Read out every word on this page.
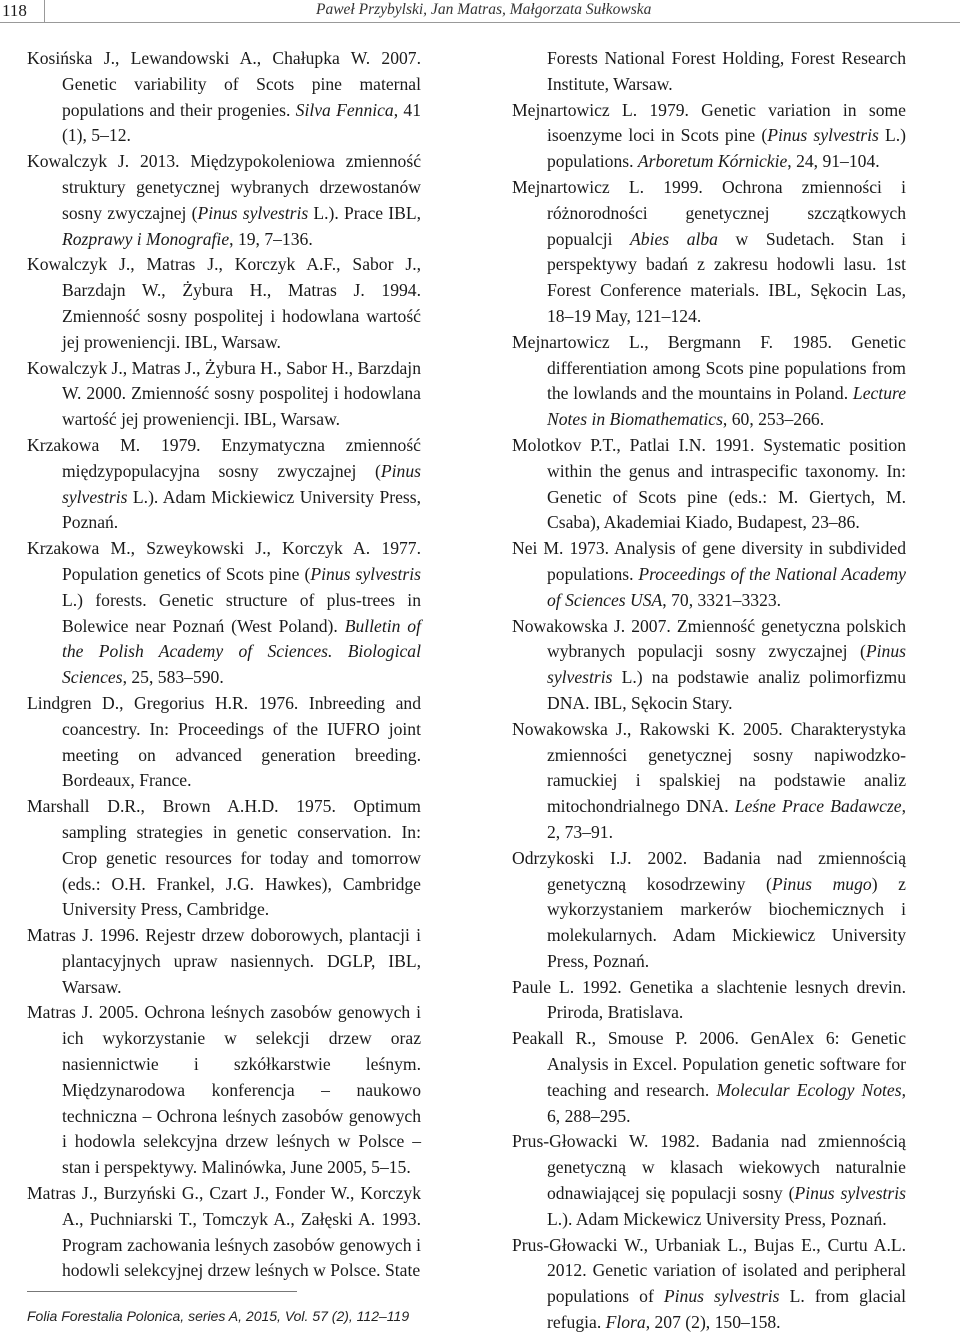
118	Paweł Przybylski, Jan Matras, Małgorzata Sułkowska

Kosińska J., Lewandowski A., Chałupka W. 2007. Genetic variability of Scots pine maternal populations and their progenies. Silva Fennica, 41 (1), 5–12.

Kowalczyk J. 2013. Międzypokoleniowa zmienność struktury genetycznej wybranych drzewostanów sosny zwyczajnej (Pinus sylvestris L.). Prace IBL, Rozprawy i Monografie, 19, 7–136.

Kowalczyk J., Matras J., Korczyk A.F., Sabor J., Barzdajn W., Żybura H., Matras J. 1994. Zmienność sosny pospolitej i hodowlana wartość jej proweniencji. IBL, Warsaw.

Kowalczyk J., Matras J., Żybura H., Sabor H., Barzdajn W. 2000. Zmienność sosny pospolitej i hodowlana wartość jej proweniencji. IBL, Warsaw.

Krzakowa M. 1979. Enzymatyczna zmienność międzypopulacyjna sosny zwyczajnej (Pinus sylvestris L.). Adam Mickiewicz University Press, Poznań.

Krzakowa M., Szweykowski J., Korczyk A. 1977. Population genetics of Scots pine (Pinus sylvestris L.) forests. Genetic structure of plus-trees in Bolewice near Poznań (West Poland). Bulletin of the Polish Academy of Sciences. Biological Sciences, 25, 583–590.

Lindgren D., Gregorius H.R. 1976. Inbreeding and coancestry. In: Proceedings of the IUFRO joint meeting on advanced generation breeding. Bordeaux, France.

Marshall D.R., Brown A.H.D. 1975. Optimum sampling strategies in genetic conservation. In: Crop genetic resources for today and tomorrow (eds.: O.H. Frankel, J.G. Hawkes), Cambridge University Press, Cambridge.

Matras J. 1996. Rejestr drzew doborowych, plantacji i plantacyjnych upraw nasiennych. DGLP, IBL, Warsaw.

Matras J. 2005. Ochrona leśnych zasobów genowych i ich wykorzystanie w selekcji drzew oraz nasiennictwie i szkółkarstwie leśnym. Międzynarodowa konferencja – naukowo techniczna – Ochrona leśnych zasobów genowych i hodowla selekcyjna drzew leśnych w Polsce – stan i perspektywy. Malinówka, June 2005, 5–15.

Matras J., Burzyński G., Czart J., Fonder W., Korczyk A., Puchniarski T., Tomczyk A., Załęski A. 1993. Program zachowania leśnych zasobów genowych i hodowli selekcyjnej drzew leśnych w Polsce. State

Forests National Forest Holding, Forest Research Institute, Warsaw.

Mejnartowicz L. 1979. Genetic variation in some isoenzyme loci in Scots pine (Pinus sylvestris L.) populations. Arboretum Kórnickie, 24, 91–104.

Mejnartowicz L. 1999. Ochrona zmienności i różnorodności genetycznej szczątkowych popualcji Abies alba w Sudetach. Stan i perspektywy badań z zakresu hodowli lasu. 1st Forest Conference materials. IBL, Sękocin Las, 18–19 May, 121–124.

Mejnartowicz L., Bergmann F. 1985. Genetic differentiation among Scots pine populations from the lowlands and the mountains in Poland. Lecture Notes in Biomathematics, 60, 253–266.

Molotkov P.T., Patlai I.N. 1991. Systematic position within the genus and intraspecific taxonomy. In: Genetic of Scots pine (eds.: M. Giertych, M. Csaba), Akademiai Kiado, Budapest, 23–86.

Nei M. 1973. Analysis of gene diversity in subdivided populations. Proceedings of the National Academy of Sciences USA, 70, 3321–3323.

Nowakowska J. 2007. Zmienność genetyczna polskich wybranych populacji sosny zwyczajnej (Pinus sylvestris L.) na podstawie analiz polimorfizmu DNA. IBL, Sękocin Stary.

Nowakowska J., Rakowski K. 2005. Charakterystyka zmienności genetycznej sosny napiwodzko-ramuckiej i spalskiej na podstawie analiz mitochondrialnego DNA. Leśne Prace Badawcze, 2, 73–91.

Odrzykoski I.J. 2002. Badania nad zmiennością genetyczną kosodrzewiny (Pinus mugo) z wykorzystaniem markerów biochemicznych i molekularnych. Adam Mickiewicz University Press, Poznań.

Paule L. 1992. Genetika a slachtenie lesnych drevin. Priroda, Bratislava.

Peakall R., Smouse P. 2006. GenAlex 6: Genetic Analysis in Excel. Population genetic software for teaching and research. Molecular Ecology Notes, 6, 288–295.

Prus-Głowacki W. 1982. Badania nad zmiennością genetyczną w klasach wiekowych naturalnie odnawiającej się populacji sosny (Pinus sylvestris L.). Adam Mickewicz University Press, Poznań.

Prus-Głowacki W., Urbaniak L., Bujas E., Curtu A.L. 2012. Genetic variation of isolated and peripheral populations of Pinus sylvestris L. from glacial refugia. Flora, 207 (2), 150–158.

Folia Forestalia Polonica, series A, 2015, Vol. 57 (2), 112–119
